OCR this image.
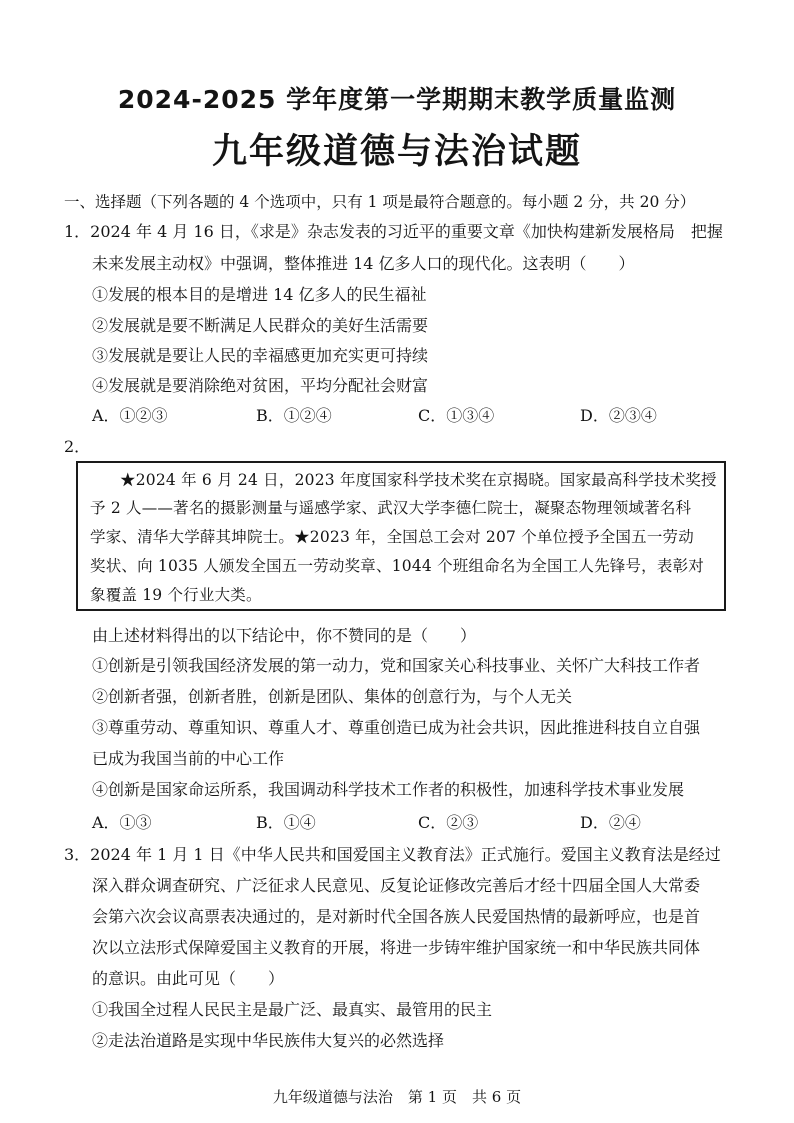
2024-2025 学年度第一学期期末教学质量监测
九年级道德与法治试题
一、选择题（下列各题的 4 个选项中，只有 1 项是最符合题意的。每小题 2 分，共 20 分）
1．2024 年 4 月 16 日，《求是》杂志发表的习近平的重要文章《加快构建新发展格局　把握
未来发展主动权》中强调，整体推进 14 亿多人口的现代化。这表明（　　）
①发展的根本目的是增进 14 亿多人的民生福祉
②发展就是要不断满足人民群众的美好生活需要
③发展就是要让人民的幸福感更加充实更可持续
④发展就是要消除绝对贫困，平均分配社会财富
A．①②③	B．①②④	C．①③④	D．②③④
2．
★2024 年 6 月 24 日，2023 年度国家科学技术奖在京揭晓。国家最高科学技术奖授
予 2 人——著名的摄影测量与遥感学家、武汉大学李德仁院士，凝聚态物理领域著名科
学家、清华大学薛其坤院士。★2023 年，全国总工会对 207 个单位授予全国五一劳动
奖状、向 1035 人颁发全国五一劳动奖章、1044 个班组命名为全国工人先锋号，表彰对
象覆盖 19 个行业大类。
由上述材料得出的以下结论中，你不赞同的是（　　）
①创新是引领我国经济发展的第一动力，党和国家关心科技事业、关怀广大科技工作者
②创新者强，创新者胜，创新是团队、集体的创意行为，与个人无关
③尊重劳动、尊重知识、尊重人才、尊重创造已成为社会共识，因此推进科技自立自强
已成为我国当前的中心工作
④创新是国家命运所系，我国调动科学技术工作者的积极性，加速科学技术事业发展
A．①③	B．①④	C．②③	D．②④
3．2024 年 1 月 1 日《中华人民共和国爱国主义教育法》正式施行。爱国主义教育法是经过
深入群众调查研究、广泛征求人民意见、反复论证修改完善后才经十四届全国人大常委
会第六次会议高票表决通过的，是对新时代全国各族人民爱国热情的最新呼应，也是首
次以立法形式保障爱国主义教育的开展，将进一步铸牢维护国家统一和中华民族共同体
的意识。由此可见（　　）
①我国全过程人民民主是最广泛、最真实、最管用的民主
②走法治道路是实现中华民族伟大复兴的必然选择
九年级道德与法治　第 1 页　共 6 页
